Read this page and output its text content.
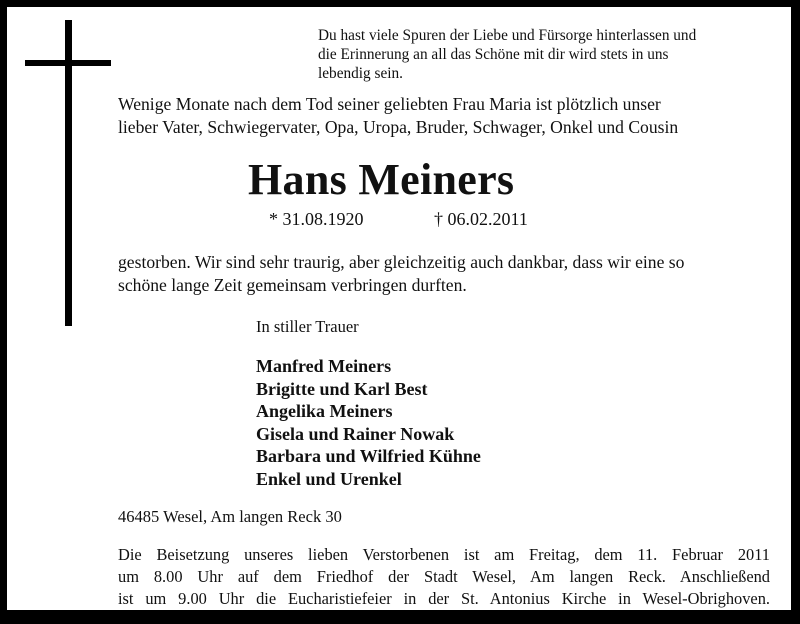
Du hast viele Spuren der Liebe und Fürsorge hinterlassen und
die Erinnerung an all das Schöne mit dir wird stets in uns
lebendig sein.
Wenige Monate nach dem Tod seiner geliebten Frau Maria ist plötzlich unser
lieber Vater, Schwiegervater, Opa, Uropa, Bruder, Schwager, Onkel und Cousin
Hans Meiners
* 31.08.1920	† 06.02.2011
gestorben. Wir sind sehr traurig, aber gleichzeitig auch dankbar, dass wir eine so
schöne lange Zeit gemeinsam verbringen durften.
In stiller Trauer
Manfred Meiners
Brigitte und Karl Best
Angelika Meiners
Gisela und Rainer Nowak
Barbara und Wilfried Kühne
Enkel und Urenkel
46485 Wesel, Am langen Reck 30
Die Beisetzung unseres lieben Verstorbenen ist am Freitag, dem 11. Februar 2011
um 8.00 Uhr auf dem Friedhof der Stadt Wesel, Am langen Reck. Anschließend
ist um 9.00 Uhr die Eucharistiefeier in der St. Antonius Kirche in Wesel-Obrighoven.
